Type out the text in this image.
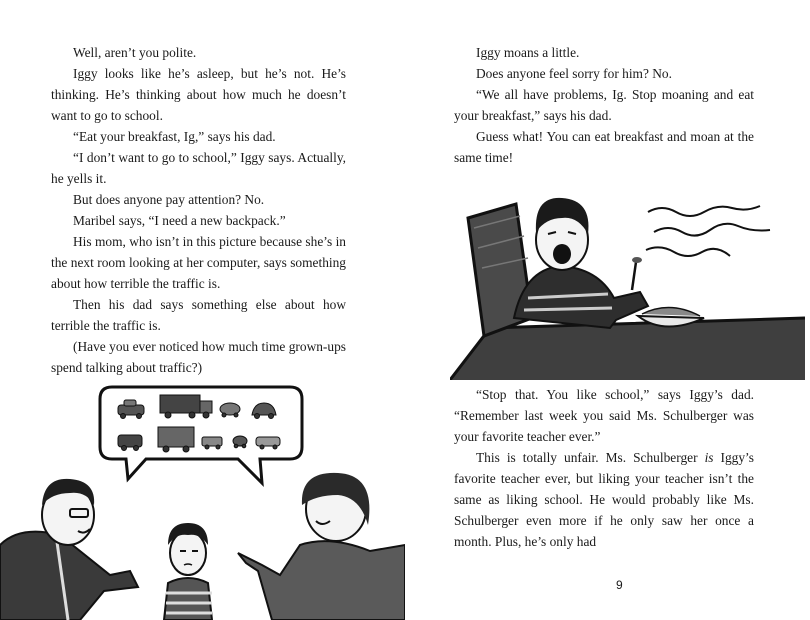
Well, aren’t you polite.

Iggy looks like he’s asleep, but he’s not. He’s thinking. He’s thinking about how much he doesn’t want to go to school.

“Eat your breakfast, Ig,” says his dad.

“I don’t want to go to school,” Iggy says. Actually, he yells it.

But does anyone pay attention? No.

Maribel says, “I need a new backpack.”

His mom, who isn’t in this picture because she’s in the next room looking at her computer, says something about how terrible the traffic is.

Then his dad says something else about how terrible the traffic is.

(Have you ever noticed how much time grown-ups spend talking about traffic?)

Iggy moans a little.

Does anyone feel sorry for him? No.

“We all have problems, Ig. Stop moaning and eat your breakfast,” says his dad.

Guess what! You can eat breakfast and moan at the same time!

“Stop that. You like school,” says Iggy’s dad. “Remember last week you said Ms. Schulberger was your favorite teacher ever.”

This is totally unfair. Ms. Schulberger is Iggy’s favorite teacher ever, but liking your teacher isn’t the same as liking school. He would probably like Ms. Schulberger even more if he only saw her once a month. Plus, he’s only had

9
